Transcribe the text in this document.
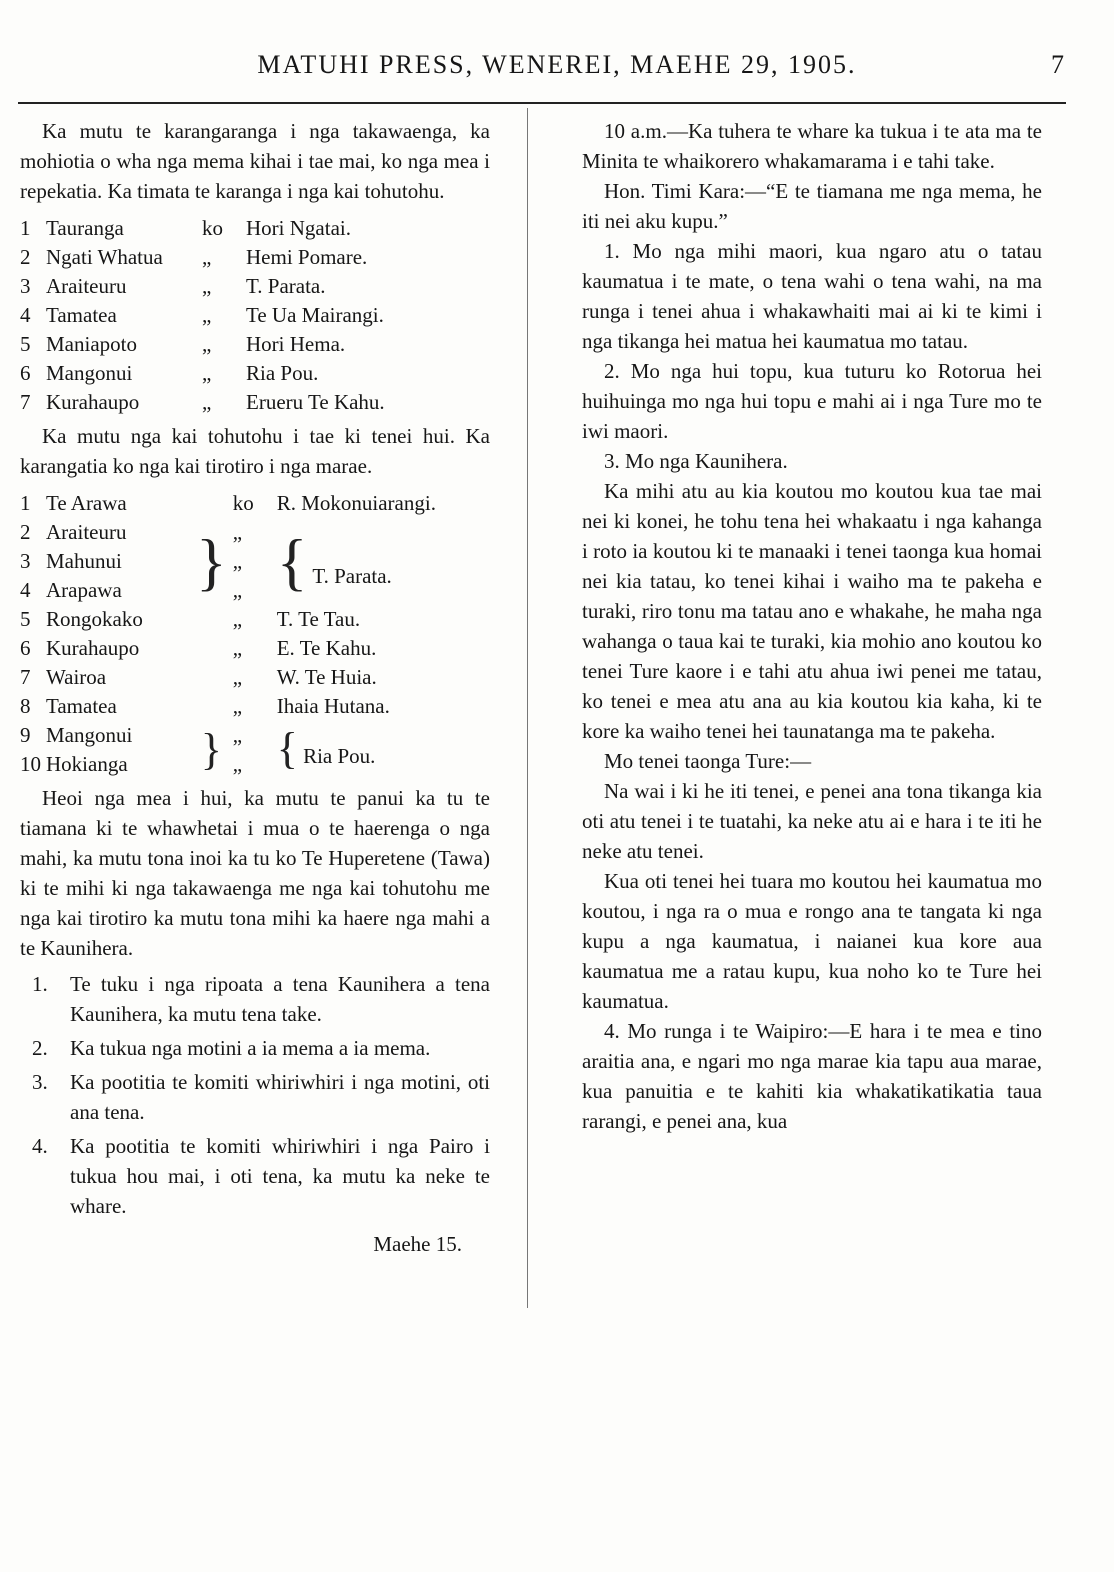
MATUHI PRESS, WENEREI, MAEHE 29, 1905.	7

Ka mutu te karangaranga i nga takawaenga, ka mohiotia o wha nga mema kihai i tae mai, ko nga mea i repekatia. Ka timata te karanga i nga kai tohutohu.

1	Tauranga	ko	Hori Ngatai.
2	Ngati Whatua	„	Hemi Pomare.
3	Araiteuru	„	T. Parata.
4	Tamatea	„	Te Ua Mairangi.
5	Maniapoto	„	Hori Hema.
6	Mangonui	„	Ria Pou.
7	Kurahaupo	„	Erueru Te Kahu.

Ka mutu nga kai tohutohu i tae ki tenei hui. Ka karangatia ko nga kai tirotiro i nga marae.

1	Te Arawa		ko	R. Mokonuiarangi.
2	Araiteuru	}	„	{ T. Parata.
3	Mahunui		„	
4	Arapawa		„	
5	Rongokako		„	T. Te Tau.
6	Kurahaupo		„	E. Te Kahu.
7	Wairoa		„	W. Te Huia.
8	Tamatea		„	Ihaia Hutana.
9	Mangonui	}	„	{ Ria Pou.
10	Hokianga		„	

Heoi nga mea i hui, ka mutu te panui ka tu te tiamana ki te whawhetai i mua o te haerenga o nga mahi, ka mutu tona inoi ka tu ko Te Huperetene (Tawa) ki te mihi ki nga takawaenga me nga kai tohutohu me nga kai tirotiro ka mutu tona mihi ka haere nga mahi a te Kaunihera.

1. Te tuku i nga ripoata a tena Kaunihera a tena Kaunihera, ka mutu tena take.
2. Ka tukua nga motini a ia mema a ia mema.
3. Ka pootitia te komiti whiriwhiri i nga motini, oti ana tena.
4. Ka pootitia te komiti whiriwhiri i nga Pairo i tukua hou mai, i oti tena, ka mutu ka neke te whare.
Maehe 15.

10 a.m.—Ka tuhera te whare ka tukua i te ata ma te Minita te whaikorero whakamarama i e tahi take.

Hon. Timi Kara:—“E te tiamana me nga mema, he iti nei aku kupu.”

1. Mo nga mihi maori, kua ngaro atu o tatau kaumatua i te mate, o tena wahi o tena wahi, na ma runga i tenei ahua i whakawhaiti mai ai ki te kimi i nga tikanga hei matua hei kaumatua mo tatau.

2. Mo nga hui topu, kua tuturu ko Rotorua hei huihuinga mo nga hui topu e mahi ai i nga Ture mo te iwi maori.

3. Mo nga Kaunihera.

Ka mihi atu au kia koutou mo koutou kua tae mai nei ki konei, he tohu tena hei whakaatu i nga kahanga i roto ia koutou ki te manaaki i tenei taonga kua homai nei kia tatau, ko tenei kihai i waiho ma te pakeha e turaki, riro tonu ma tatau ano e whakahe, he maha nga wahanga o taua kai te turaki, kia mohio ano koutou ko tenei Ture kaore i e tahi atu ahua iwi penei me tatau, ko tenei e mea atu ana au kia koutou kia kaha, ki te kore ka waiho tenei hei taunatanga ma te pakeha.

Mo tenei taonga Ture:—

Na wai i ki he iti tenei, e penei ana tona tikanga kia oti atu tenei i te tuatahi, ka neke atu ai e hara i te iti he neke atu tenei.

Kua oti tenei hei tuara mo koutou hei kaumatua mo koutou, i nga ra o mua e rongo ana te tangata ki nga kupu a nga kaumatua, i naianei kua kore aua kaumatua me a ratau kupu, kua noho ko te Ture hei kaumatua.

4. Mo runga i te Waipiro:—E hara i te mea e tino araitia ana, e ngari mo nga marae kia tapu aua marae, kua panuitia e te kahiti kia whakatikatikatia taua rarangi, e penei ana, kua
